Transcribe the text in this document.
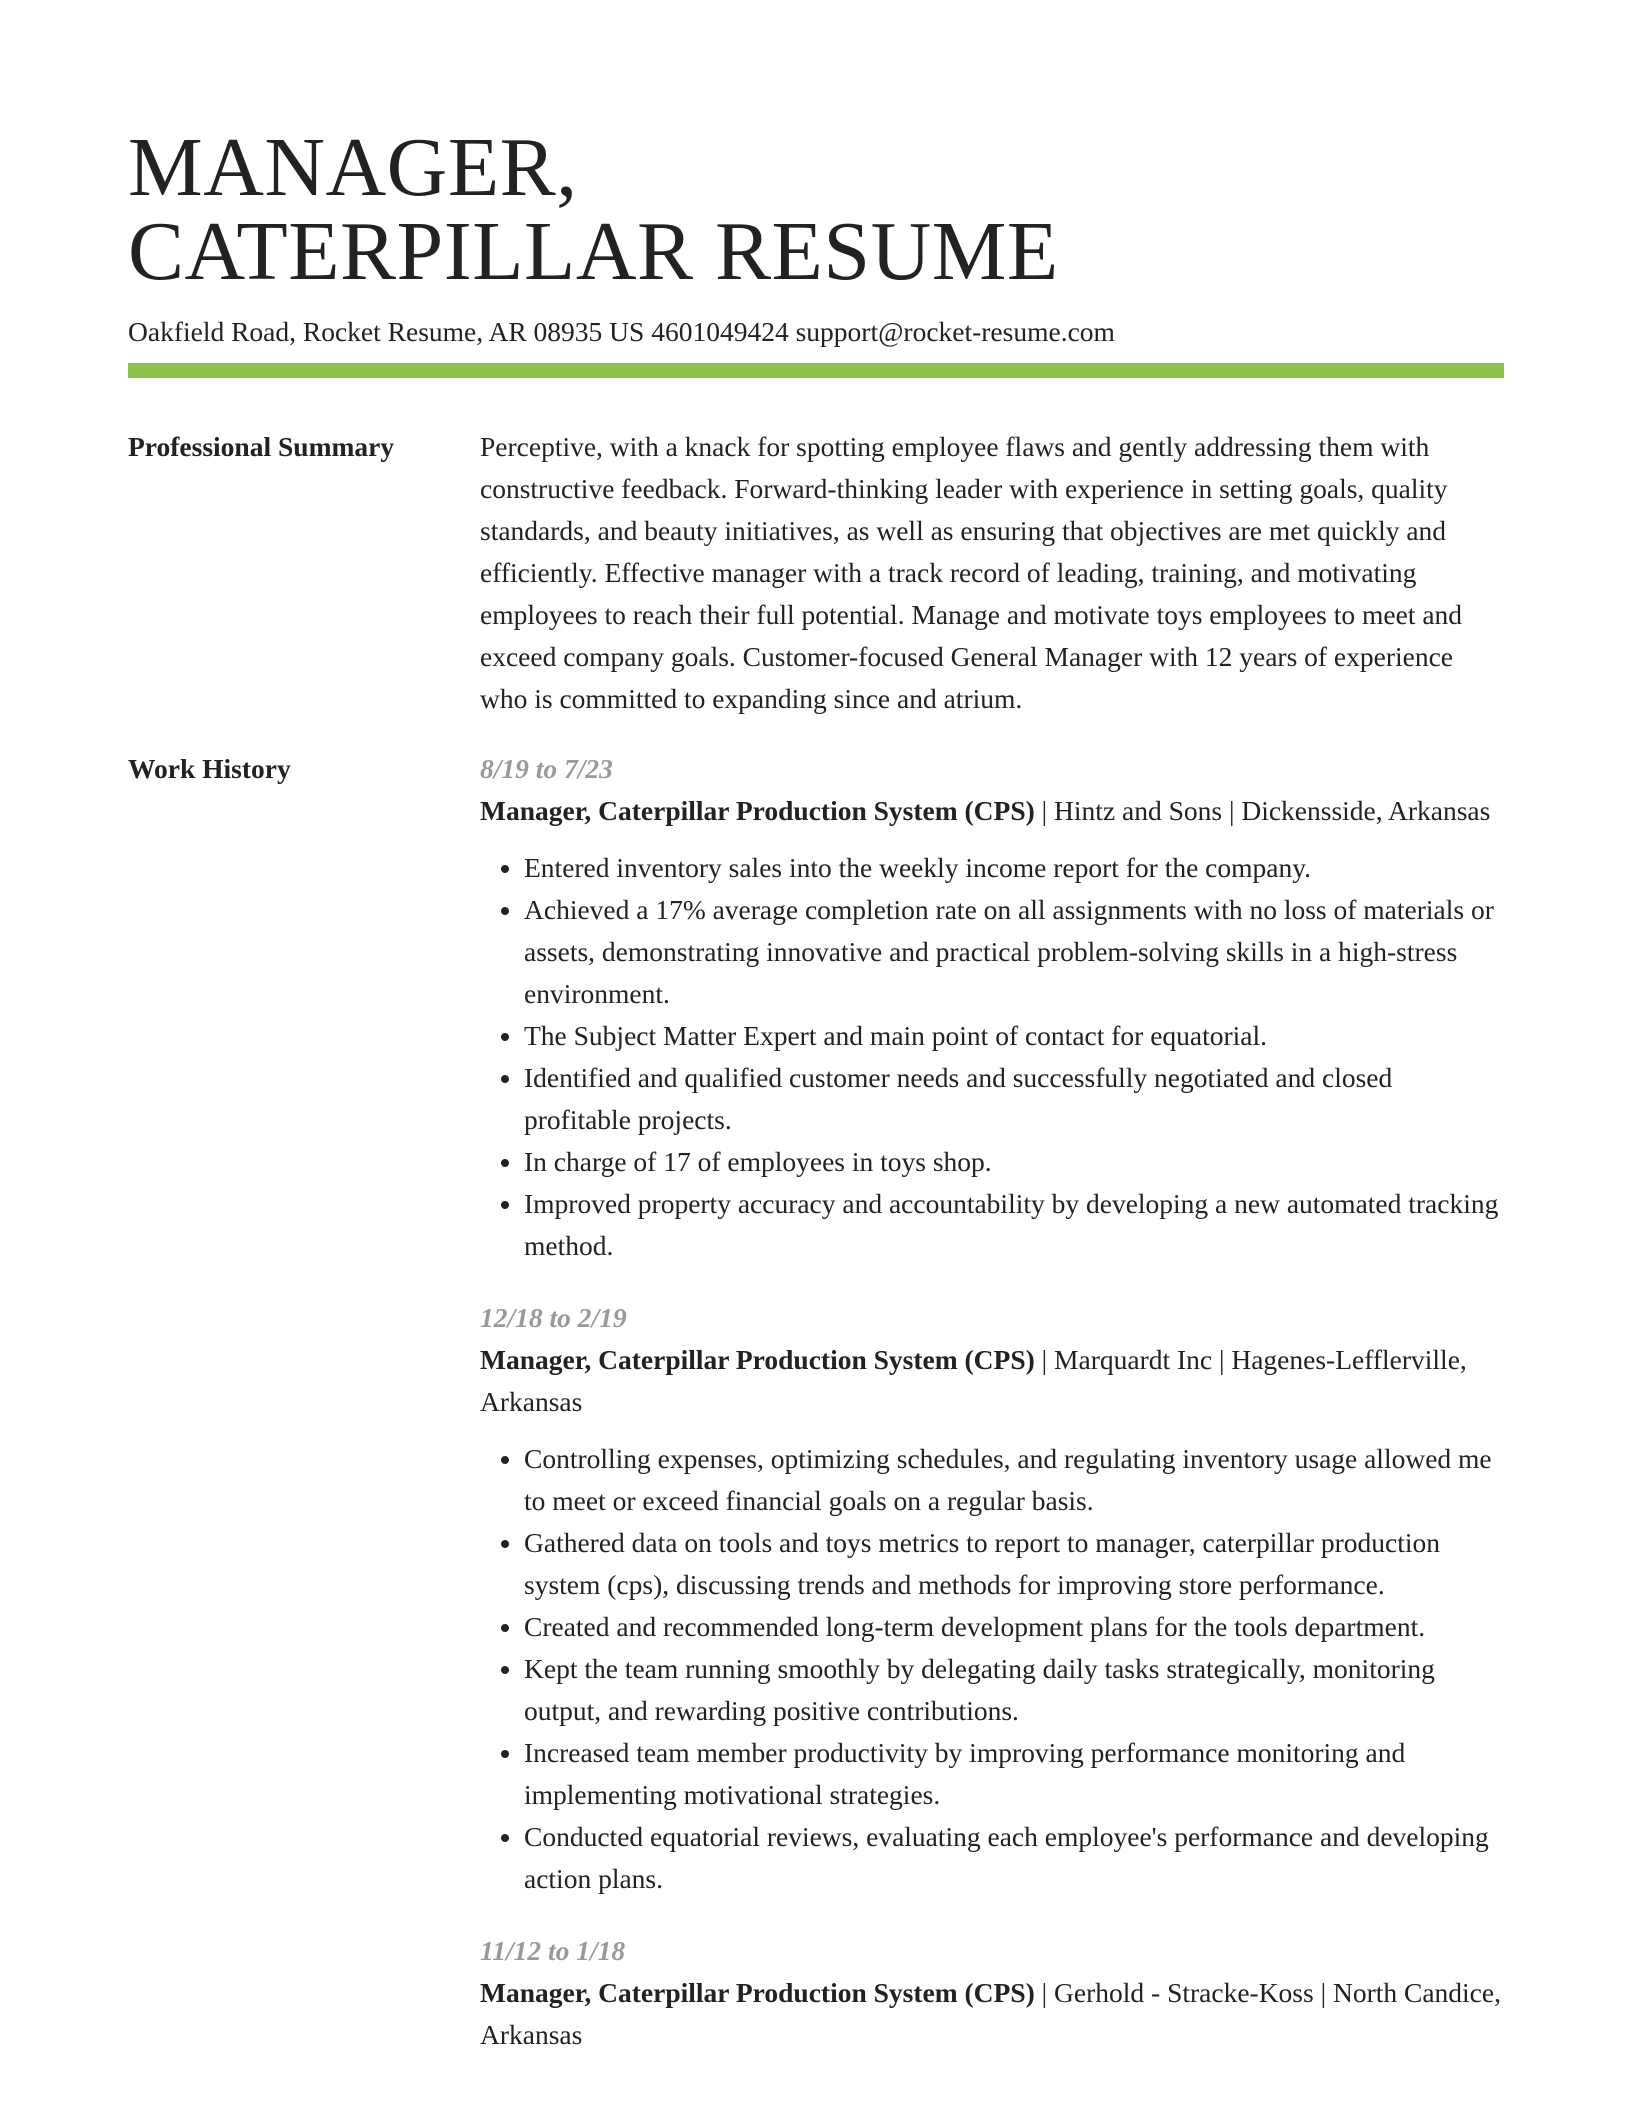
MANAGER,
CATERPILLAR RESUME
Oakfield Road, Rocket Resume, AR 08935 US 4601049424 support@rocket-resume.com
Professional Summary	Perceptive, with a knack for spotting employee flaws and gently addressing them with constructive feedback. Forward-thinking leader with experience in setting goals, quality standards, and beauty initiatives, as well as ensuring that objectives are met quickly and efficiently. Effective manager with a track record of leading, training, and motivating employees to reach their full potential. Manage and motivate toys employees to meet and exceed company goals. Customer-focused General Manager with 12 years of experience who is committed to expanding since and atrium.

Work History	8/19 to 7/23

Manager, Caterpillar Production System (CPS) | Hintz and Sons | Dickensside, Arkansas

• Entered inventory sales into the weekly income report for the company.
• Achieved a 17% average completion rate on all assignments with no loss of materials or assets, demonstrating innovative and practical problem-solving skills in a high-stress environment.
• The Subject Matter Expert and main point of contact for equatorial.
• Identified and qualified customer needs and successfully negotiated and closed profitable projects.
• In charge of 17 of employees in toys shop.
• Improved property accuracy and accountability by developing a new automated tracking method.
12/18 to 2/19

Manager, Caterpillar Production System (CPS) | Marquardt Inc | Hagenes-Lefflerville, Arkansas

• Controlling expenses, optimizing schedules, and regulating inventory usage allowed me to meet or exceed financial goals on a regular basis.
• Gathered data on tools and toys metrics to report to manager, caterpillar production system (cps), discussing trends and methods for improving store performance.
• Created and recommended long-term development plans for the tools department.
• Kept the team running smoothly by delegating daily tasks strategically, monitoring output, and rewarding positive contributions.
• Increased team member productivity by improving performance monitoring and implementing motivational strategies.
• Conducted equatorial reviews, evaluating each employee's performance and developing action plans.
11/12 to 1/18

Manager, Caterpillar Production System (CPS) | Gerhold - Stracke-Koss | North Candice, Arkansas
